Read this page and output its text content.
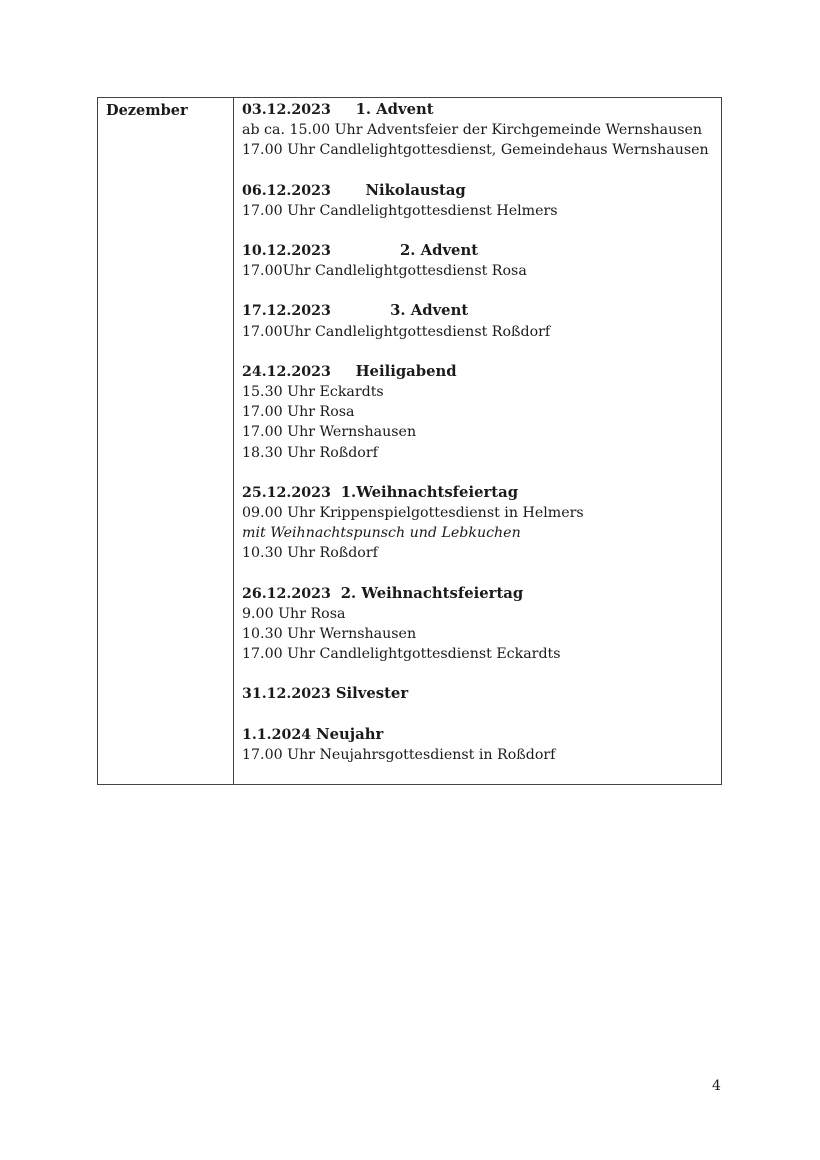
Dezember	03.12.2023 1. Advent
ab ca. 15.00 Uhr Adventsfeier der Kirchgemeinde Wernshausen
17.00 Uhr Candlelightgottesdienst, Gemeindehaus Wernshausen
06.12.2023 Nikolaustag
17.00 Uhr Candlelightgottesdienst Helmers
10.12.2023	2. Advent
17.00Uhr Candlelightgottesdienst Rosa
17.12.2023	3. Advent
17.00Uhr Candlelightgottesdienst Roßdorf
24.12.2023 Heiligabend
15.30 Uhr Eckardts
17.00 Uhr Rosa
17.00 Uhr Wernshausen
18.30 Uhr Roßdorf
25.12.2023 1.Weihnachtsfeiertag
09.00 Uhr Krippenspielgottesdienst in Helmers
mit Weihnachtspunsch und Lebkuchen
10.30 Uhr Roßdorf
26.12.2023 2. Weihnachtsfeiertag
9.00 Uhr Rosa
10.30 Uhr Wernshausen
17.00 Uhr Candlelightgottesdienst Eckardts
31.12.2023 Silvester
1.1.2024 Neujahr
17.00 Uhr Neujahrsgottesdienst in Roßdorf
4
